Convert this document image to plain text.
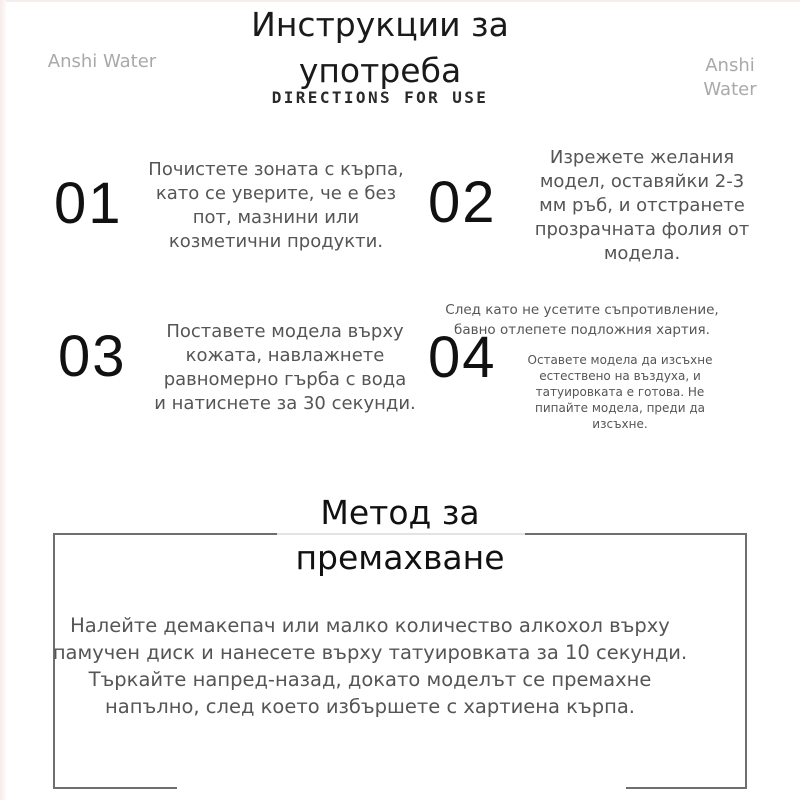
Инструкции за
употреба
DIRECTIONS FOR USE
Anshi Water	Anshi
Water
01
Почистете зоната с кърпа,
като се уверите, че е без
пот, мазнини или
козметични продукти.
02
Изрежете желания
модел, оставяйки 2-3
мм ръб, и отстранете
прозрачната фолия от
модела.
03	Поставете модела върху
кожата, навлажнете
равномерно гърба с вода
и натиснете за 30 секунди.
04
След като не усетите съпротивление,
бавно отлепете подложния хартия.
Оставете модела да изсъхне
естествено на въздуха, и
татуировката е готова. Не
пипайте модела, преди да
изсъхне.
Метод за
премахване
Налейте демакепач или малко количество алкохол върху
памучен диск и нанесете върху татуировката за 10 секунди.
Търкайте напред-назад, докато моделът се премахне
напълно, след което избършете с хартиена кърпа.
